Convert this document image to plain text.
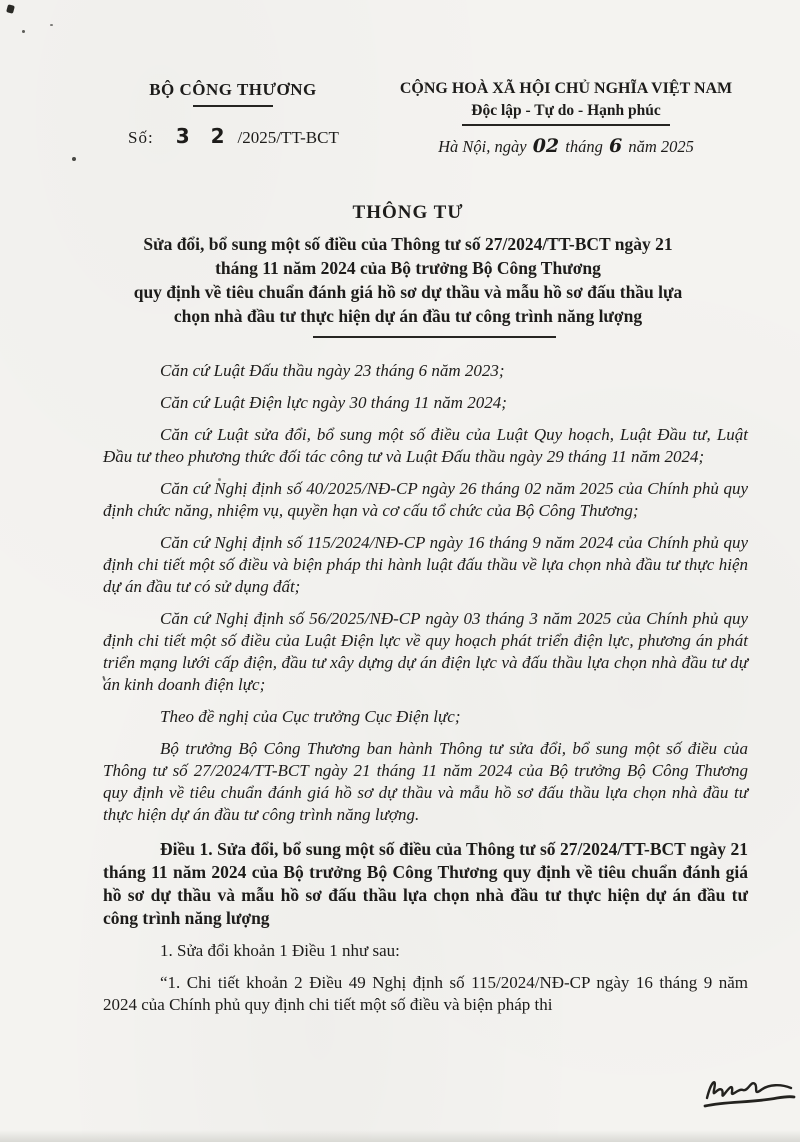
BỘ CÔNG THƯƠNG
Số: 3 2 /2025/TT-BCT
CỘNG HOÀ XÃ HỘI CHỦ NGHĨA VIỆT NAM
Độc lập - Tự do - Hạnh phúc
Hà Nội, ngày 02 tháng 6 năm 2025
THÔNG TƯ
Sửa đổi, bổ sung một số điều của Thông tư số 27/2024/TT-BCT ngày 21
tháng 11 năm 2024 của Bộ trưởng Bộ Công Thương
quy định về tiêu chuẩn đánh giá hồ sơ dự thầu và mẫu hồ sơ đấu thầu lựa
chọn nhà đầu tư thực hiện dự án đầu tư công trình năng lượng

Căn cứ Luật Đấu thầu ngày 23 tháng 6 năm 2023;

Căn cứ Luật Điện lực ngày 30 tháng 11 năm 2024;

Căn cứ Luật sửa đổi, bổ sung một số điều của Luật Quy hoạch, Luật Đầu tư, Luật Đầu tư theo phương thức đối tác công tư và Luật Đấu thầu ngày 29 tháng 11 năm 2024;

Căn cứ Nghị định số 40/2025/NĐ-CP ngày 26 tháng 02 năm 2025 của Chính phủ quy định chức năng, nhiệm vụ, quyền hạn và cơ cấu tổ chức của Bộ Công Thương;

Căn cứ Nghị định số 115/2024/NĐ-CP ngày 16 tháng 9 năm 2024 của Chính phủ quy định chi tiết một số điều và biện pháp thi hành luật đấu thầu về lựa chọn nhà đầu tư thực hiện dự án đầu tư có sử dụng đất;

Căn cứ Nghị định số 56/2025/NĐ-CP ngày 03 tháng 3 năm 2025 của Chính phủ quy định chi tiết một số điều của Luật Điện lực về quy hoạch phát triển điện lực, phương án phát triển mạng lưới cấp điện, đầu tư xây dựng dự án điện lực và đấu thầu lựa chọn nhà đầu tư dự án kinh doanh điện lực;

Theo đề nghị của Cục trưởng Cục Điện lực;

Bộ trưởng Bộ Công Thương ban hành Thông tư sửa đổi, bổ sung một số điều của Thông tư số 27/2024/TT-BCT ngày 21 tháng 11 năm 2024 của Bộ trưởng Bộ Công Thương quy định về tiêu chuẩn đánh giá hồ sơ dự thầu và mẫu hồ sơ đấu thầu lựa chọn nhà đầu tư thực hiện dự án đầu tư công trình năng lượng.

Điều 1. Sửa đổi, bổ sung một số điều của Thông tư số 27/2024/TT-BCT ngày 21 tháng 11 năm 2024 của Bộ trưởng Bộ Công Thương quy định về tiêu chuẩn đánh giá hồ sơ dự thầu và mẫu hồ sơ đấu thầu lựa chọn nhà đầu tư thực hiện dự án đầu tư công trình năng lượng

1. Sửa đổi khoản 1 Điều 1 như sau:

“1. Chi tiết khoản 2 Điều 49 Nghị định số 115/2024/NĐ-CP ngày 16 tháng 9 năm 2024 của Chính phủ quy định chi tiết một số điều và biện pháp thi
